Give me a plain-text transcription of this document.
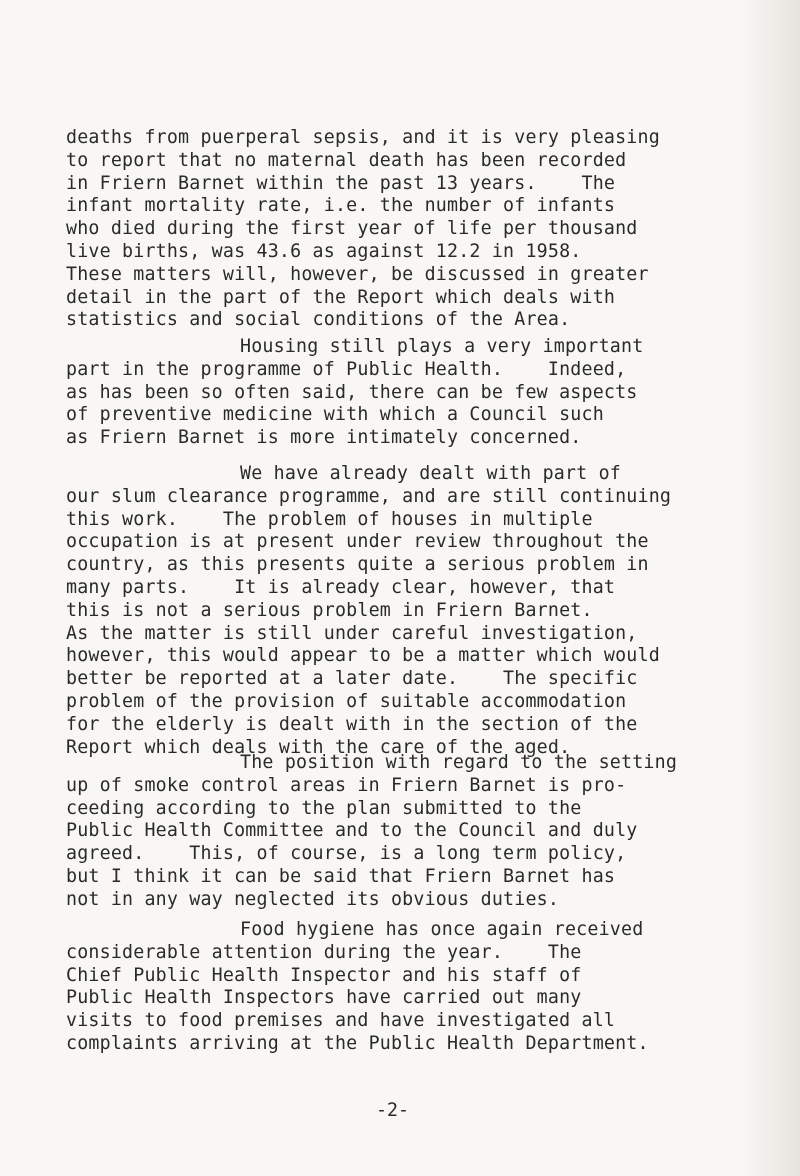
deaths from puerperal sepsis, and it is very pleasing
to report that no maternal death has been recorded
in Friern Barnet within the past 13 years.    The
infant mortality rate, i.e. the number of infants
who died during the first year of life per thousand
live births, was 43.6 as against 12.2 in 1958.
These matters will, however, be discussed in greater
detail in the part of the Report which deals with
statistics and social conditions of the Area.
Housing still plays a very important
part in the programme of Public Health.    Indeed,
as has been so often said, there can be few aspects
of preventive medicine with which a Council such
as Friern Barnet is more intimately concerned.
We have already dealt with part of
our slum clearance programme, and are still continuing
this work.    The problem of houses in multiple
occupation is at present under review throughout the
country, as this presents quite a serious problem in
many parts.    It is already clear, however, that
this is not a serious problem in Friern Barnet.
As the matter is still under careful investigation,
however, this would appear to be a matter which would
better be reported at a later date.    The specific
problem of the provision of suitable accommodation
for the elderly is dealt with in the section of the
Report which deals with the care of the aged.
The position with regard to the setting
up of smoke control areas in Friern Barnet is pro-
ceeding according to the plan submitted to the
Public Health Committee and to the Council and duly
agreed.    This, of course, is a long term policy,
but I think it can be said that Friern Barnet has
not in any way neglected its obvious duties.
Food hygiene has once again received
considerable attention during the year.    The
Chief Public Health Inspector and his staff of
Public Health Inspectors have carried out many
visits to food premises and have investigated all
complaints arriving at the Public Health Department.
-2-
